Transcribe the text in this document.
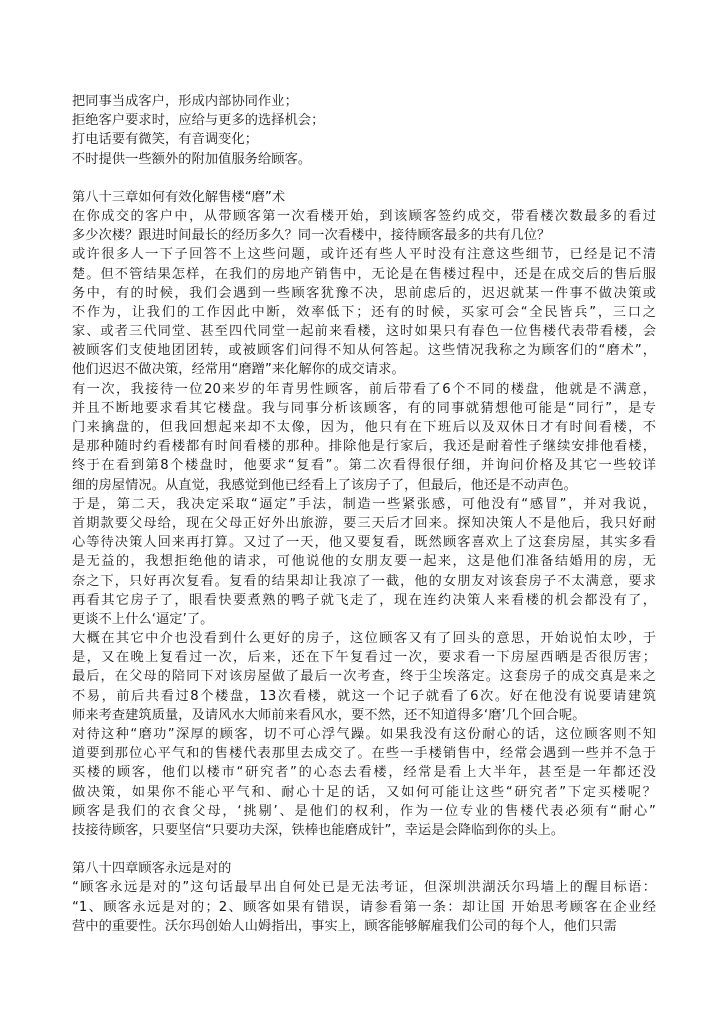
把同事当成客户，形成内部协同作业；
拒绝客户要求时，应给与更多的选择机会；
打电话要有微笑，有音调变化；
不时提供一些额外的附加值服务给顾客。
第八十三章如何有效化解售楼“磨”术
在你成交的客户中，从带顾客第一次看楼开始，到该顾客签约成交，带看楼次数最多的看过
多少次楼？跟进时间最长的经历多久？同一次看楼中，接待顾客最多的共有几位？
或许很多人一下子回答不上这些问题，或许还有些人平时没有注意这些细节，已经是记不清
楚。但不管结果怎样，在我们的房地产销售中，无论是在售楼过程中，还是在成交后的售后服
务中，有的时候，我们会遇到一些顾客犹豫不决，思前虑后的，迟迟就某一件事不做决策或
不作为，让我们的工作因此中断，效率低下；还有的时候，买家可会“全民皆兵”，三口之
家、或者三代同堂、甚至四代同堂一起前来看楼，这时如果只有春色一位售楼代表带看楼，会
被顾客们支使地团团转，或被顾客们问得不知从何答起。这些情况我称之为顾客们的“磨术”，
他们迟迟不做决策，经常用“磨蹭”来化解你的成交请求。
有一次，我接待一位20来岁的年青男性顾客，前后带看了6个不同的楼盘，他就是不满意，
并且不断地要求看其它楼盘。我与同事分析该顾客，有的同事就猜想他可能是“同行”，是专
门来擒盘的，但我回想起来却不太像，因为，他只有在下班后以及双休日才有时间看楼，不
是那种随时约看楼都有时间看楼的那种。排除他是行家后，我还是耐着性子继续安排他看楼，
终于在看到第8个楼盘时，他要求“复看”。第二次看得很仔细，并询问价格及其它一些较详
细的房屋情况。从直觉，我感觉到他已经看上了该房子了，但最后，他还是不动声色。
于是，第二天，我决定采取“逼定”手法，制造一些紧张感，可他没有“感冒”，并对我说，
首期款要父母给，现在父母正好外出旅游，要三天后才回来。探知决策人不是他后，我只好耐
心等待决策人回来再打算。又过了一天，他又要复看，既然顾客喜欢上了这套房屋，其实多看
是无益的，我想拒绝他的请求，可他说他的女朋友要一起来，这是他们准备结婚用的房，无
奈之下，只好再次复看。复看的结果却让我凉了一截，他的女朋友对该套房子不太满意，要求
再看其它房子了，眼看快要煮熟的鸭子就飞走了，现在连约决策人来看楼的机会都没有了，
更谈不上什么‘逼定’了。
大概在其它中介也没看到什么更好的房子，这位顾客又有了回头的意思，开始说怕太吵，于
是，又在晚上复看过一次，后来，还在下午复看过一次，要求看一下房屋西晒是否很厉害；
最后，在父母的陪同下对该房屋做了最后一次考查，终于尘埃落定。这套房子的成交真是来之
不易，前后共看过8个楼盘，13次看楼，就这一个记子就看了6次。好在他没有说要请建筑
师来考查建筑质量，及请风水大师前来看风水，要不然，还不知道得多‘磨’几个回合呢。
对待这种“磨功”深厚的顾客，切不可心浮气躁。如果我没有这份耐心的话，这位顾客则不知
道要到那位心平气和的售楼代表那里去成交了。在些一手楼销售中，经常会遇到一些并不急于
买楼的顾客，他们以楼市“研究者”的心态去看楼，经常是看上大半年，甚至是一年都还没
做决策，如果你不能心平气和、耐心十足的话，又如何可能让这些“研究者”下定买楼呢？
顾客是我们的衣食父母，‘挑剔’、是他们的权利，作为一位专业的售楼代表必须有“耐心”
技接待顾客，只要坚信“只要功夫深，铁棒也能磨成针”，幸运是会降临到你的头上。
第八十四章顾客永远是对的
“顾客永远是对的”这句话最早出自何处已是无法考证，但深圳洪湖沃尔玛墙上的醒目标语：
“1、顾客永远是对的；2、顾客如果有错误，请参看第一条：却让国 开始思考顾客在企业经
营中的重要性。沃尔玛创始人山姆指出，事实上，顾客能够解雇我们公司的每个人，他们只需
